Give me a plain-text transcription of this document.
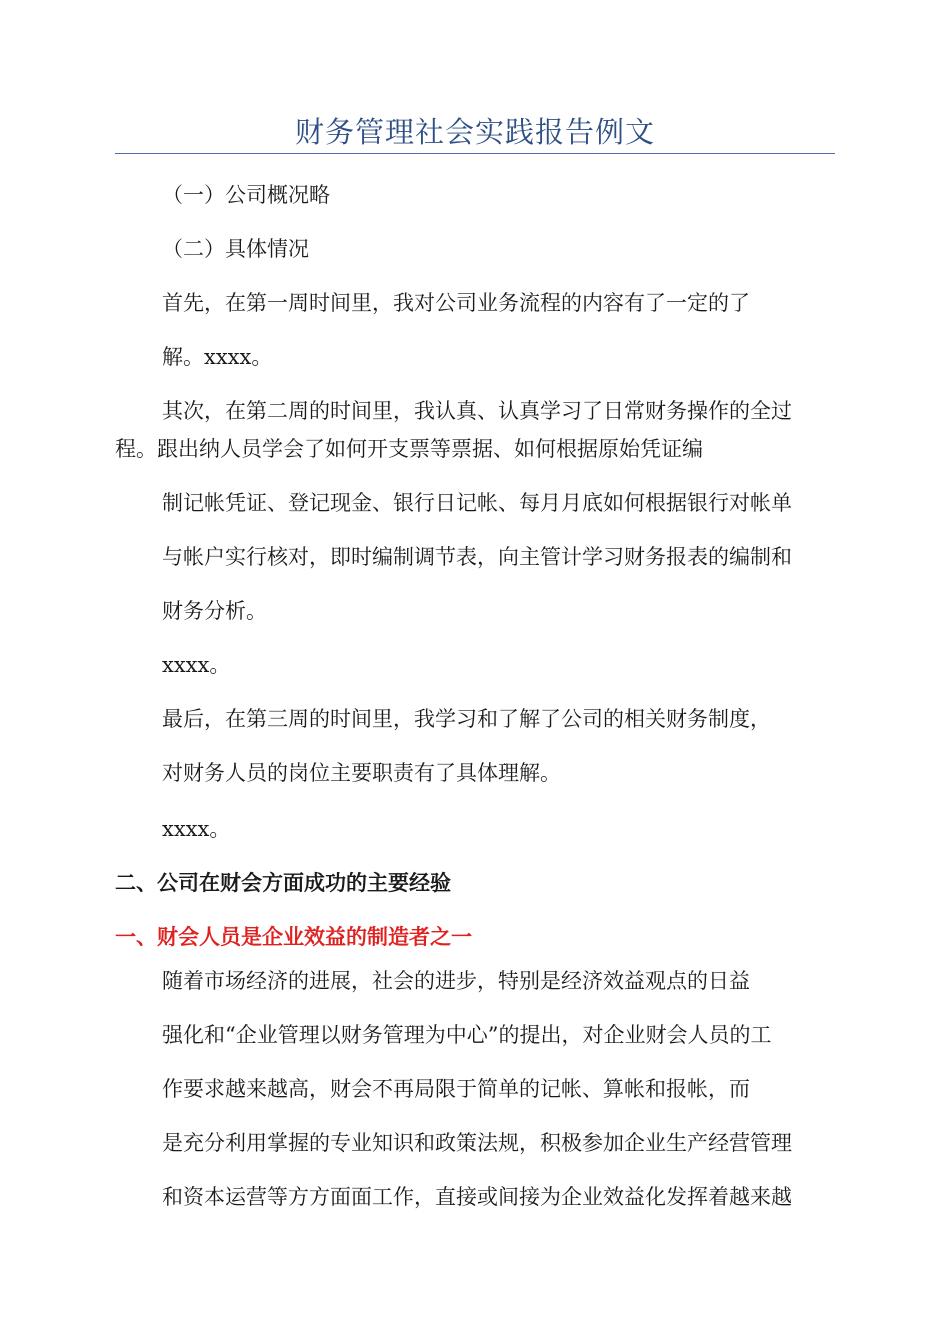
财务管理社会实践报告例文
（一）公司概况略
（二）具体情况
首先，在第一周时间里，我对公司业务流程的内容有了一定的了
解。xxxx。
其次，在第二周的时间里，我认真、认真学习了日常财务操作的全过
程。跟出纳人员学会了如何开支票等票据、如何根据原始凭证编
制记帐凭证、登记现金、银行日记帐、每月月底如何根据银行对帐单
与帐户实行核对，即时编制调节表，向主管计学习财务报表的编制和
财务分析。
xxxx。
最后，在第三周的时间里，我学习和了解了公司的相关财务制度，
对财务人员的岗位主要职责有了具体理解。
xxxx。
二、公司在财会方面成功的主要经验
一、财会人员是企业效益的制造者之一
随着市场经济的进展，社会的进步，特别是经济效益观点的日益
强化和“企业管理以财务管理为中心”的提出，对企业财会人员的工
作要求越来越高，财会不再局限于简单的记帐、算帐和报帐，而
是充分利用掌握的专业知识和政策法规，积极参加企业生产经营管理
和资本运营等方方面面工作，直接或间接为企业效益化发挥着越来越
